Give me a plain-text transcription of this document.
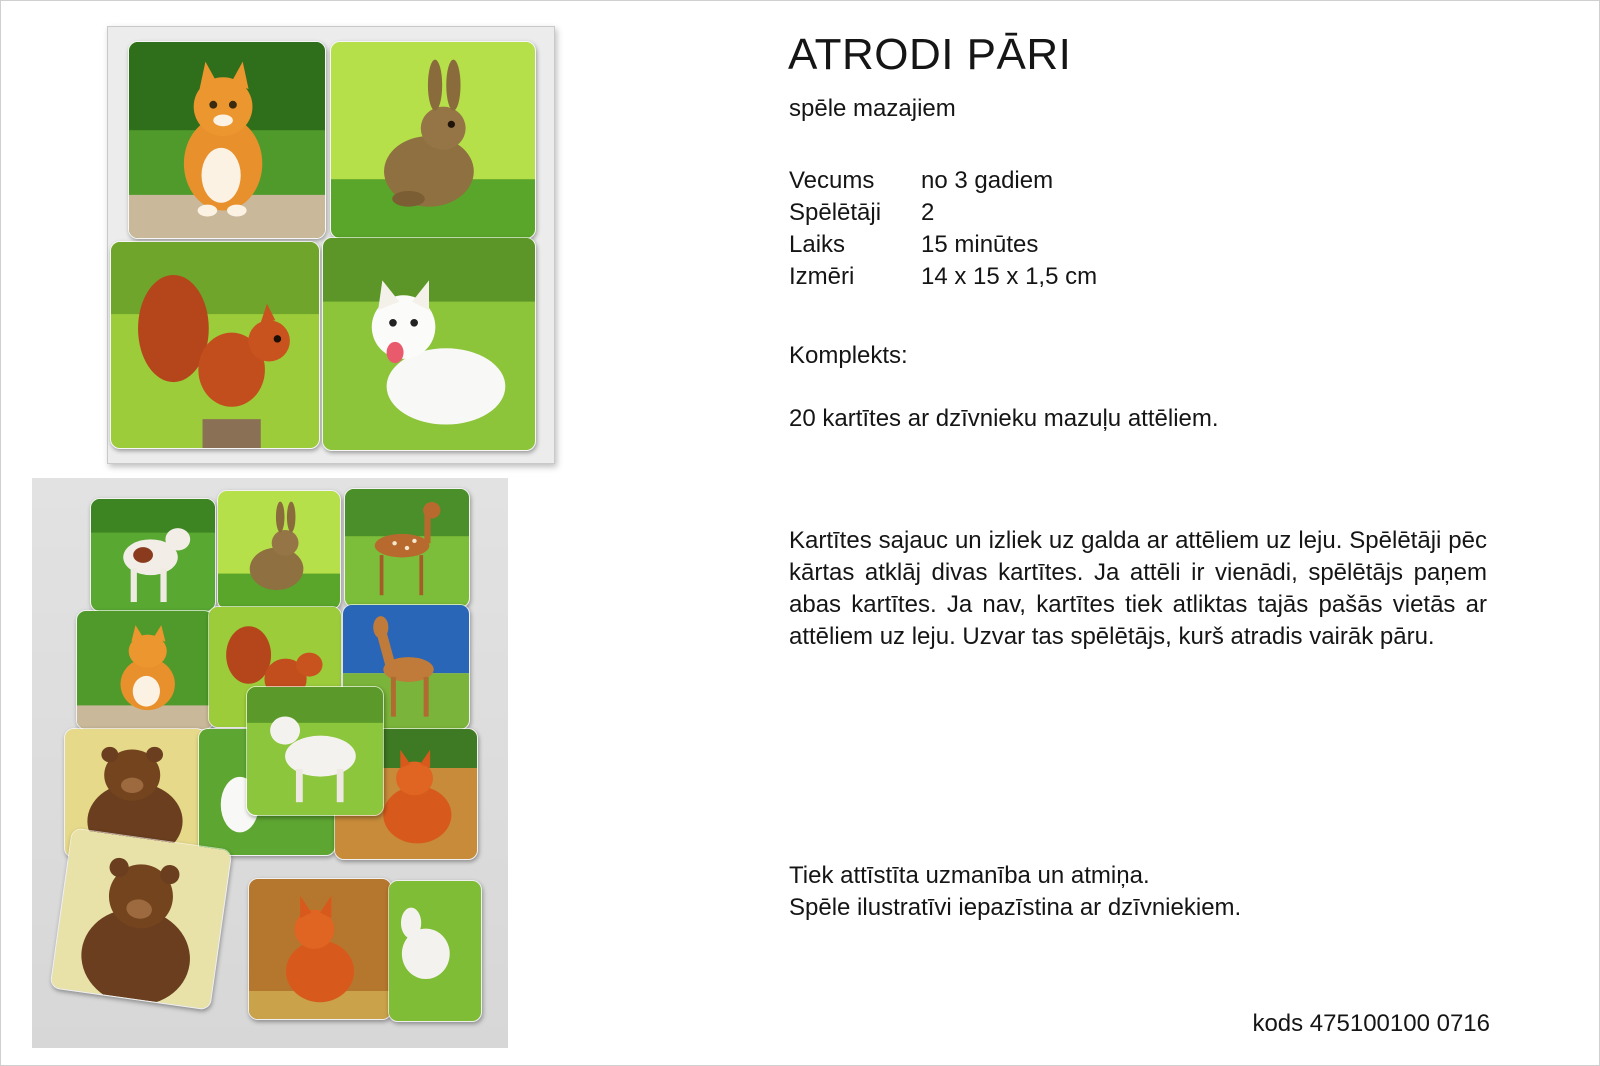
ATRODI PĀRI
spēle mazajiem
Vecums	no 3 gadiem
Spēlētāji	2
Laiks	15 minūtes
Izmēri	14 x 15 x 1,5 cm
Komplekts:
20 kartītes ar dzīvnieku mazuļu attēliem.

Kartītes sajauc un izliek uz galda ar attēliem uz leju. Spēlētāji pēc kārtas atklāj divas kartītes. Ja attēli ir vienādi, spēlētājs paņem abas kartītes. Ja nav, kartītes tiek atliktas tajās pašās vietās ar attēliem uz leju. Uzvar tas spēlētājs, kurš atradis vairāk pāru.

Tiek attīstīta uzmanība un atmiņa.
Spēle ilustratīvi iepazīstina ar dzīvniekiem.
kods 475100100 0716
